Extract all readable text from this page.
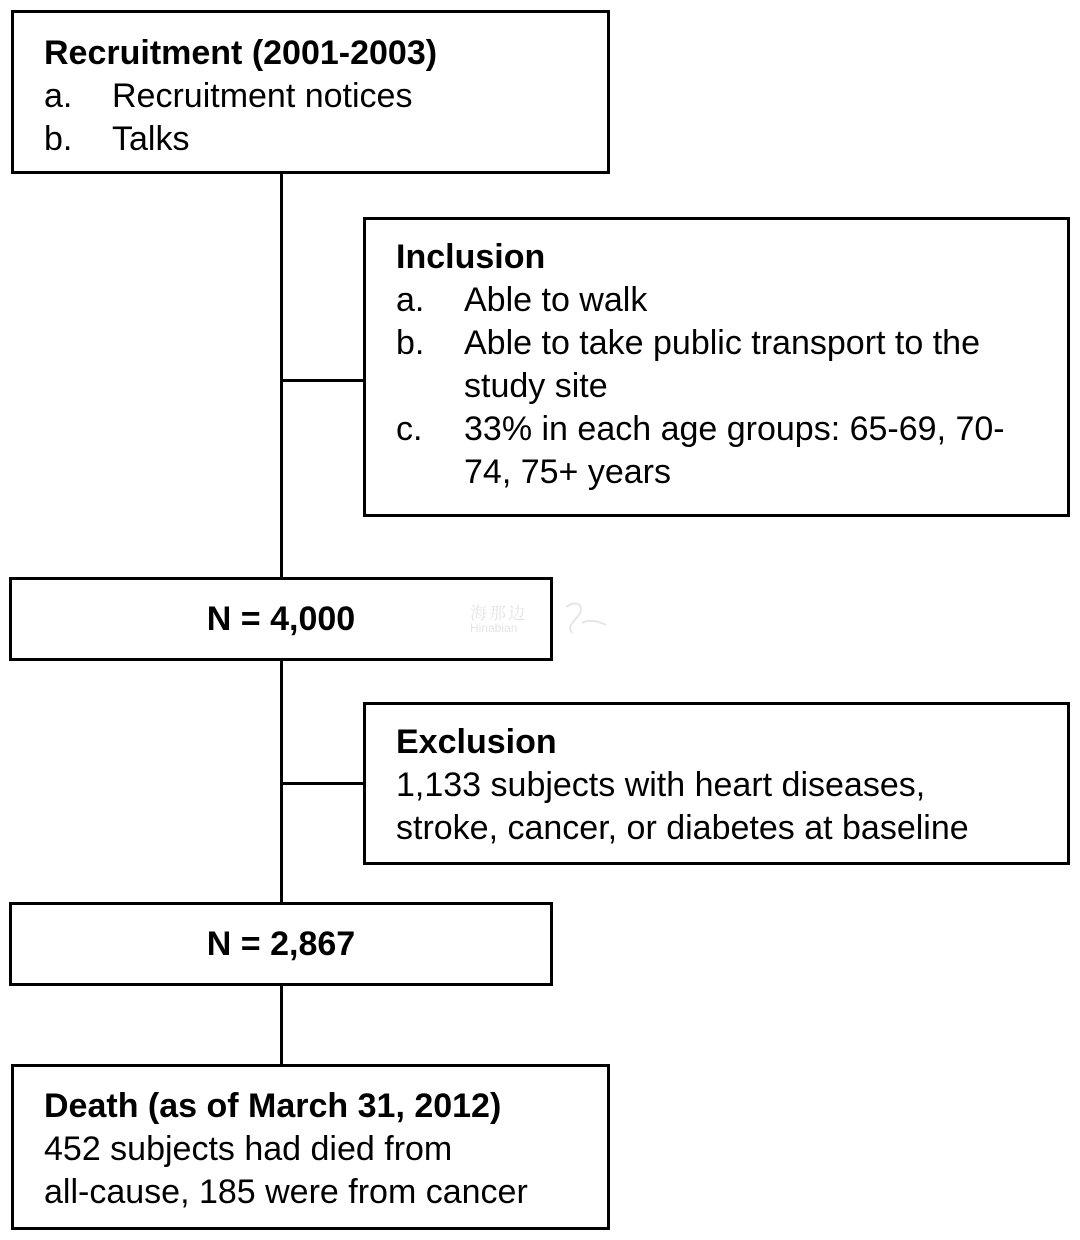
Recruitment (2001-2003)
a.	Recruitment notices
b.	Talks
Inclusion
a.	Able to walk
b.	Able to take public transport to the study site
c.	33% in each age groups: 65-69, 70-74, 75+ years
N = 4,000	海那边
Hinabian
Exclusion
1,133 subjects with heart diseases,
stroke, cancer, or diabetes at baseline
N = 2,867
Death (as of March 31, 2012)
452 subjects had died from
all-cause, 185 were from cancer
